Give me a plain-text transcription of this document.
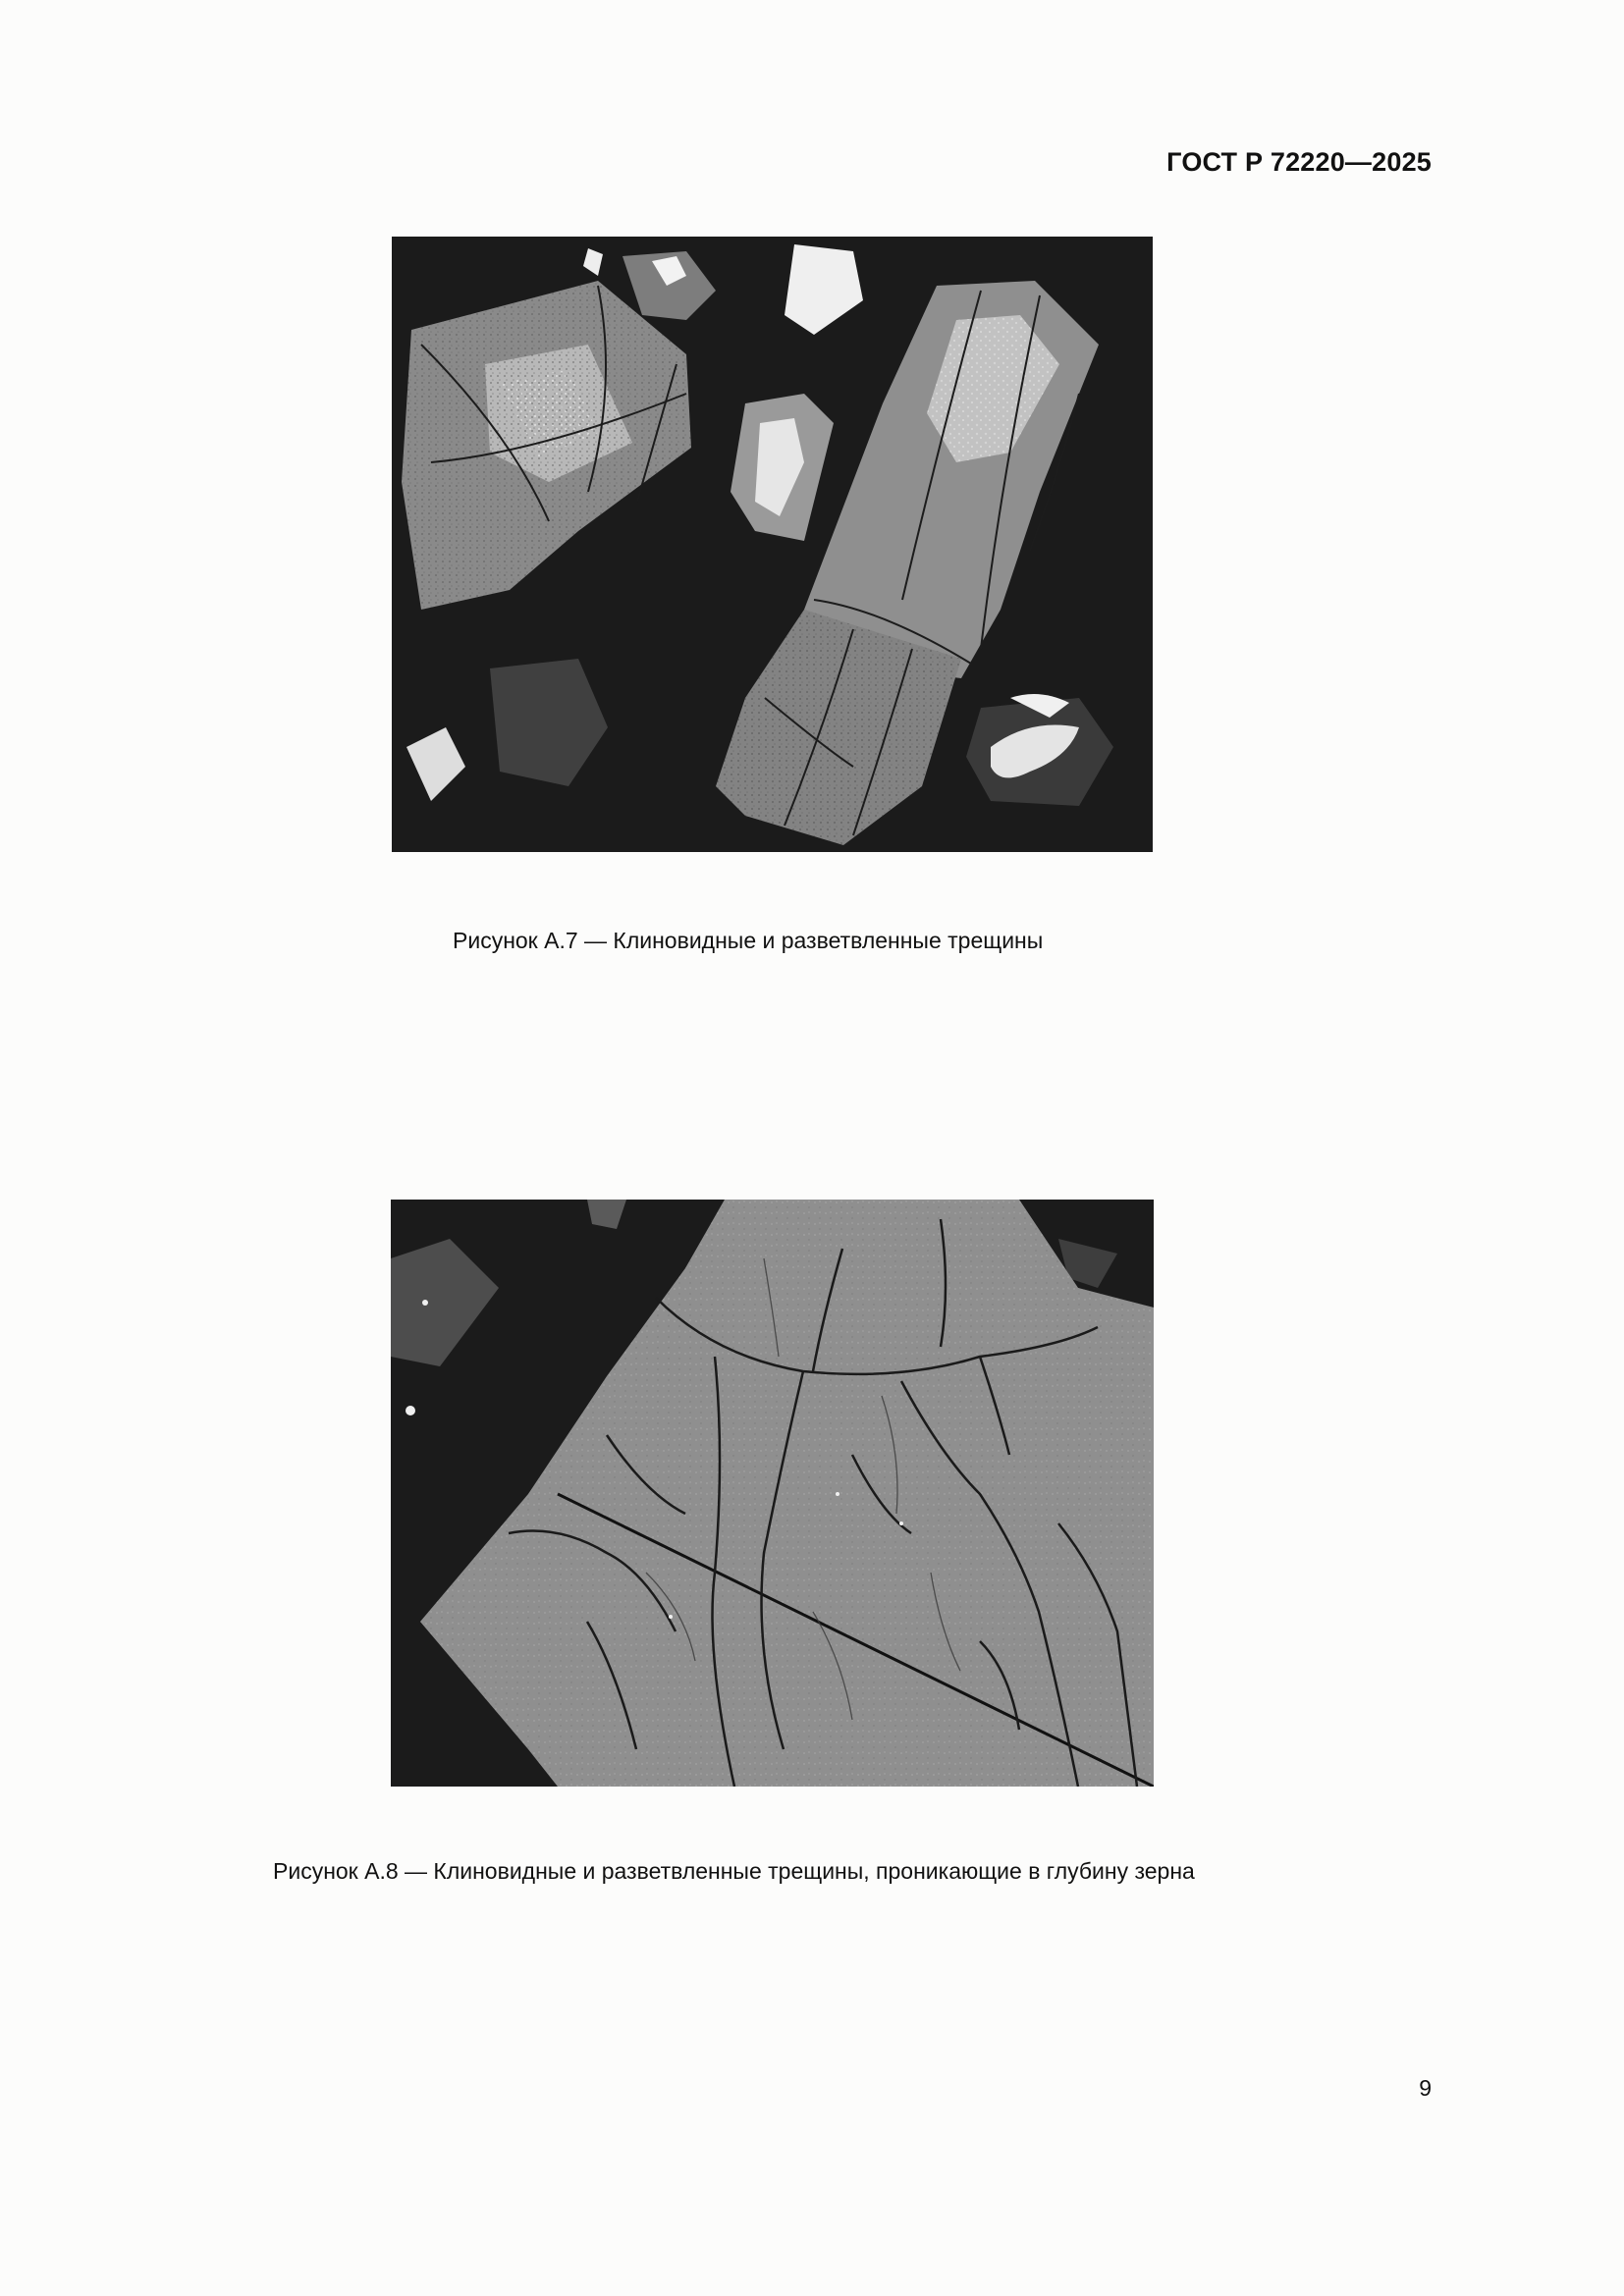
ГОСТ Р 72220—2025
Рисунок А.7 — Клиновидные и разветвленные трещины
Рисунок А.8 — Клиновидные и разветвленные трещины, проникающие в глубину зерна
9
